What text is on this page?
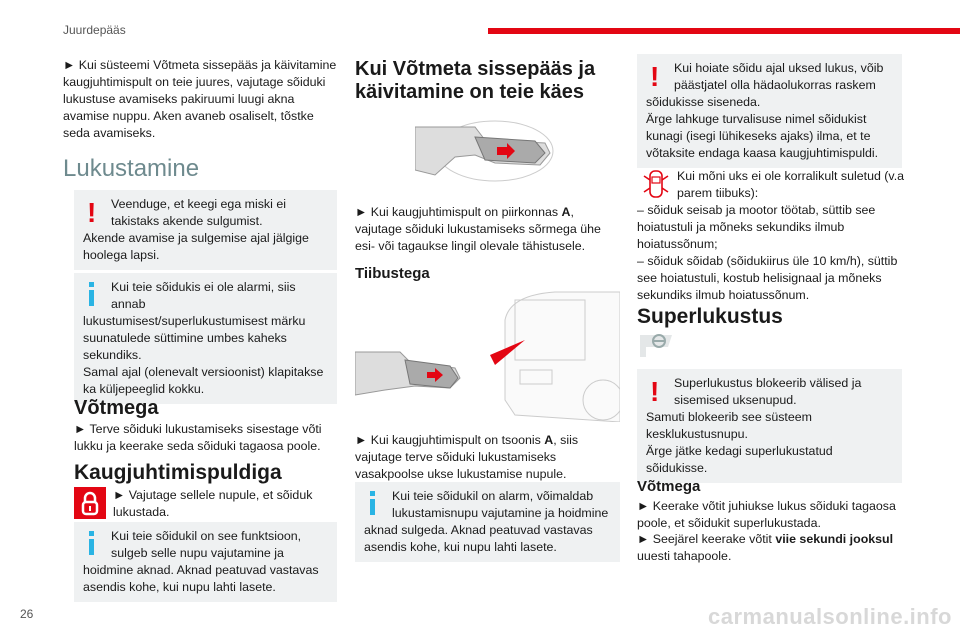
Juurdepääs
26	carmanualsonline.info

► Kui süsteemi Võtmeta sissepääs ja käivitamine kaugjuhtimispult on teie juures, vajutage sõiduki lukustuse avamiseks pakiruumi luugi akna avamise nuppu. Aken avaneb osaliselt, tõstke seda avamiseks.

Lukustamine
!	Veenduge, et keegi ega miski ei takistaks akende sulgumist.

Akende avamise ja sulgemise ajal jälgige hoolega lapsi.

Kui teie sõidukis ei ole alarmi, siis annab lukustumisest/superlukustumisest märku suunatulede süttimine umbes kaheks sekundiks.

Samal ajal (olenevalt versioonist) klapitakse ka küljepeeglid kokku.

Võtmega

► Terve sõiduki lukustamiseks sisestage võti lukku ja keerake seda sõiduki tagaosa poole.

Kaugjuhtimispuldiga

► Vajutage sellele nupule, et sõiduk lukustada.

Kui teie sõidukil on see funktsioon, sulgeb selle nupu vajutamine ja hoidmine aknad. Aknad peatuvad vastavas asendis kohe, kui nupu lahti lasete.

Kui Võtmeta sissepääs ja käivitamine on teie käes

► Kui kaugjuhtimispult on piirkonnas A, vajutage sõiduki lukustamiseks sõrmega ühe esi- või tagaukse lingil olevale tähistusele.

Tiibustega

► Kui kaugjuhtimispult on tsoonis A, siis vajutage terve sõiduki lukustamiseks vasakpoolse ukse lukustamise nupule.

Kui teie sõidukil on alarm, võimaldab lukustamisnupu vajutamine ja hoidmine aknad sulgeda. Aknad peatuvad vastavas asendis kohe, kui nupu lahti lasete.

!	Kui hoiate sõidu ajal uksed lukus, võib päästjatel olla hädaolukorras raskem sõidukisse siseneda.

Ärge lahkuge turvalisuse nimel sõidukist kunagi (isegi lühikeseks ajaks) ilma, et te võtaksite endaga kaasa kaugjuhtimispuldi.

Kui mõni uks ei ole korralikult suletud (v.a parem tiibuks):

– sõiduk seisab ja mootor töötab, süttib see hoiatustuli ja mõneks sekundiks ilmub hoiatussõnum;

– sõiduk sõidab (sõidukiirus üle 10 km/h), süttib see hoiatustuli, kostub helisignaal ja mõneks sekundiks ilmub hoiatussõnum.

Superlukustus
!	Superlukustus blokeerib välised ja sisemised uksenupud.

Samuti blokeerib see süsteem kesklukustusnupu.

Ärge jätke kedagi superlukustatud sõidukisse.

Võtmega

► Keerake võtit juhiukse lukus sõiduki tagaosa poole, et sõidukit superlukustada.

► Seejärel keerake võtit viie sekundi jooksul uuesti tahapoole.
